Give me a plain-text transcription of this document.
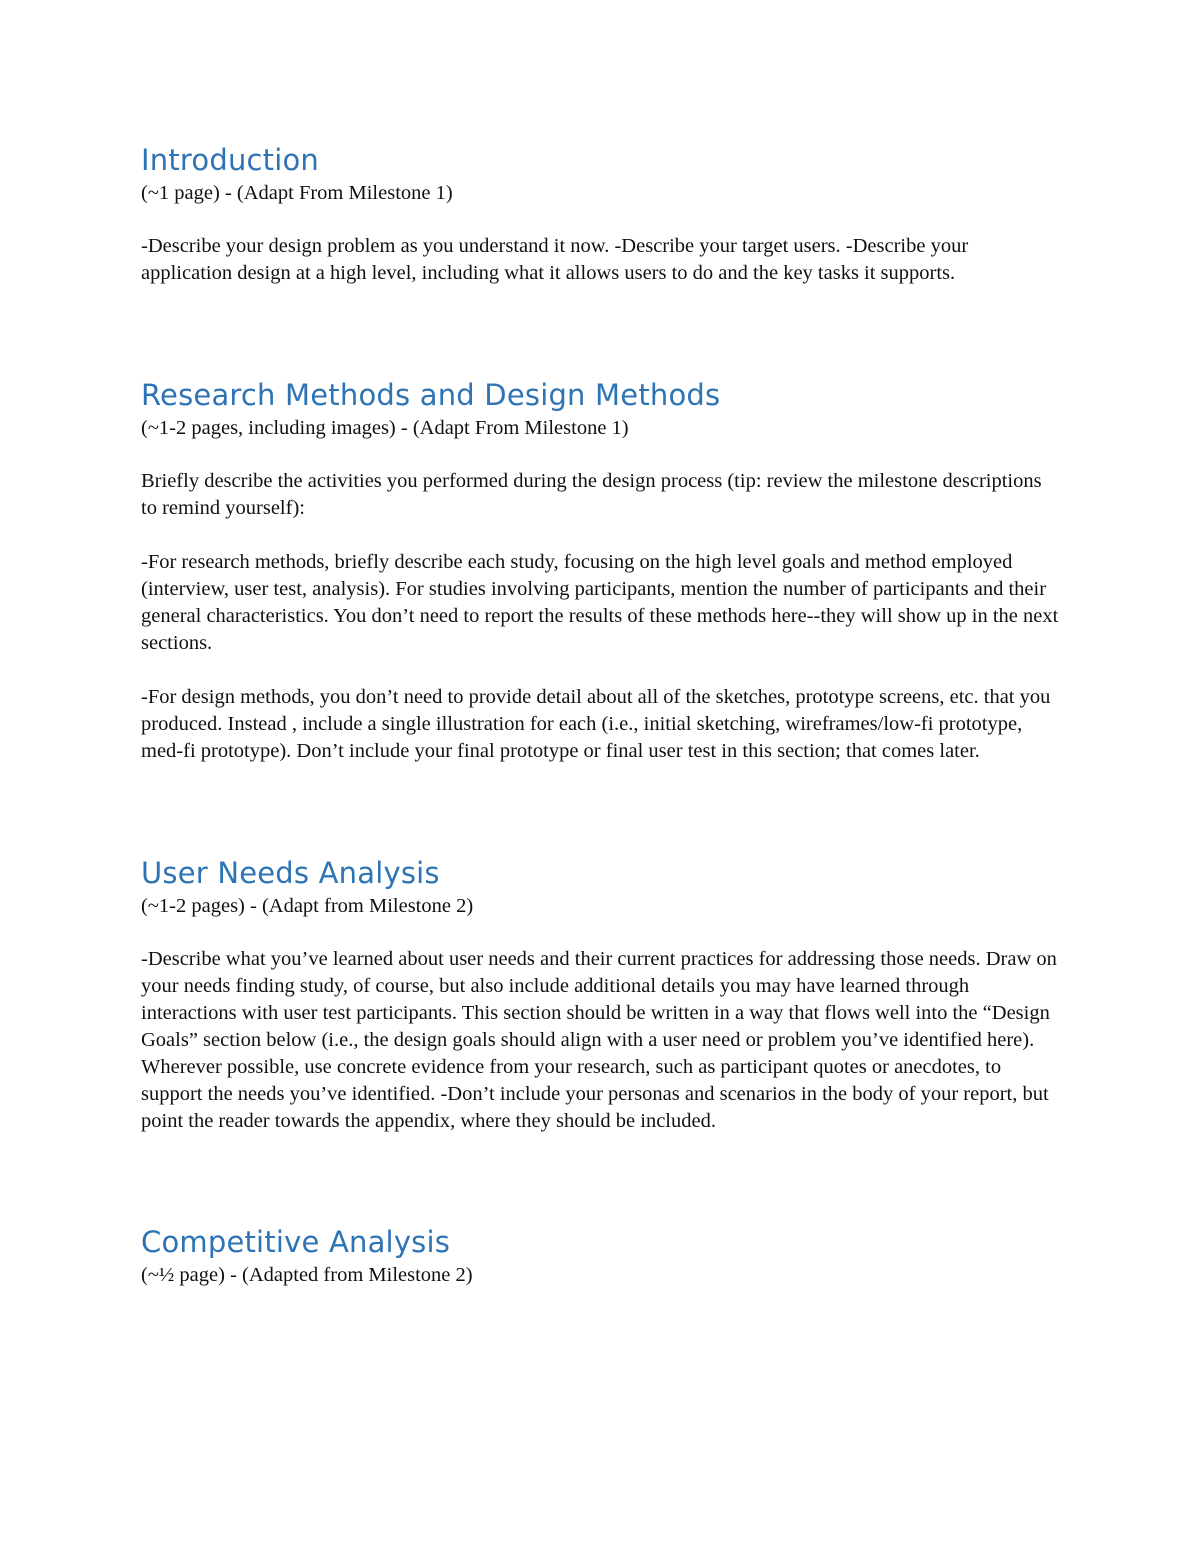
Introduction

(~1 page) - (Adapt From Milestone 1)

-Describe your design problem as you understand it now. -Describe your target users. -Describe your application design at a high level, including what it allows users to do and the key tasks it supports.

Research Methods and Design Methods

(~1-2 pages, including images) - (Adapt From Milestone 1)

Briefly describe the activities you performed during the design process (tip: review the milestone descriptions to remind yourself):

-For research methods, briefly describe each study, focusing on the high level goals and method employed (interview, user test, analysis). For studies involving participants, mention the number of participants and their general characteristics. You don’t need to report the results of these methods here--they will show up in the next sections.

-For design methods, you don’t need to provide detail about all of the sketches, prototype screens, etc. that you produced. Instead , include a single illustration for each (i.e., initial sketching, wireframes/low-fi prototype, med-fi prototype). Don’t include your final prototype or final user test in this section; that comes later.

User Needs Analysis

(~1-2 pages) - (Adapt from Milestone 2)

-Describe what you’ve learned about user needs and their current practices for addressing those needs. Draw on your needs finding study, of course, but also include additional details you may have learned through interactions with user test participants. This section should be written in a way that flows well into the “Design Goals” section below (i.e., the design goals should align with a user need or problem you’ve identified here). Wherever possible, use concrete evidence from your research, such as participant quotes or anecdotes, to support the needs you’ve identified. -Don’t include your personas and scenarios in the body of your report, but point the reader towards the appendix, where they should be included.

Competitive Analysis

(~½ page) - (Adapted from Milestone 2)
